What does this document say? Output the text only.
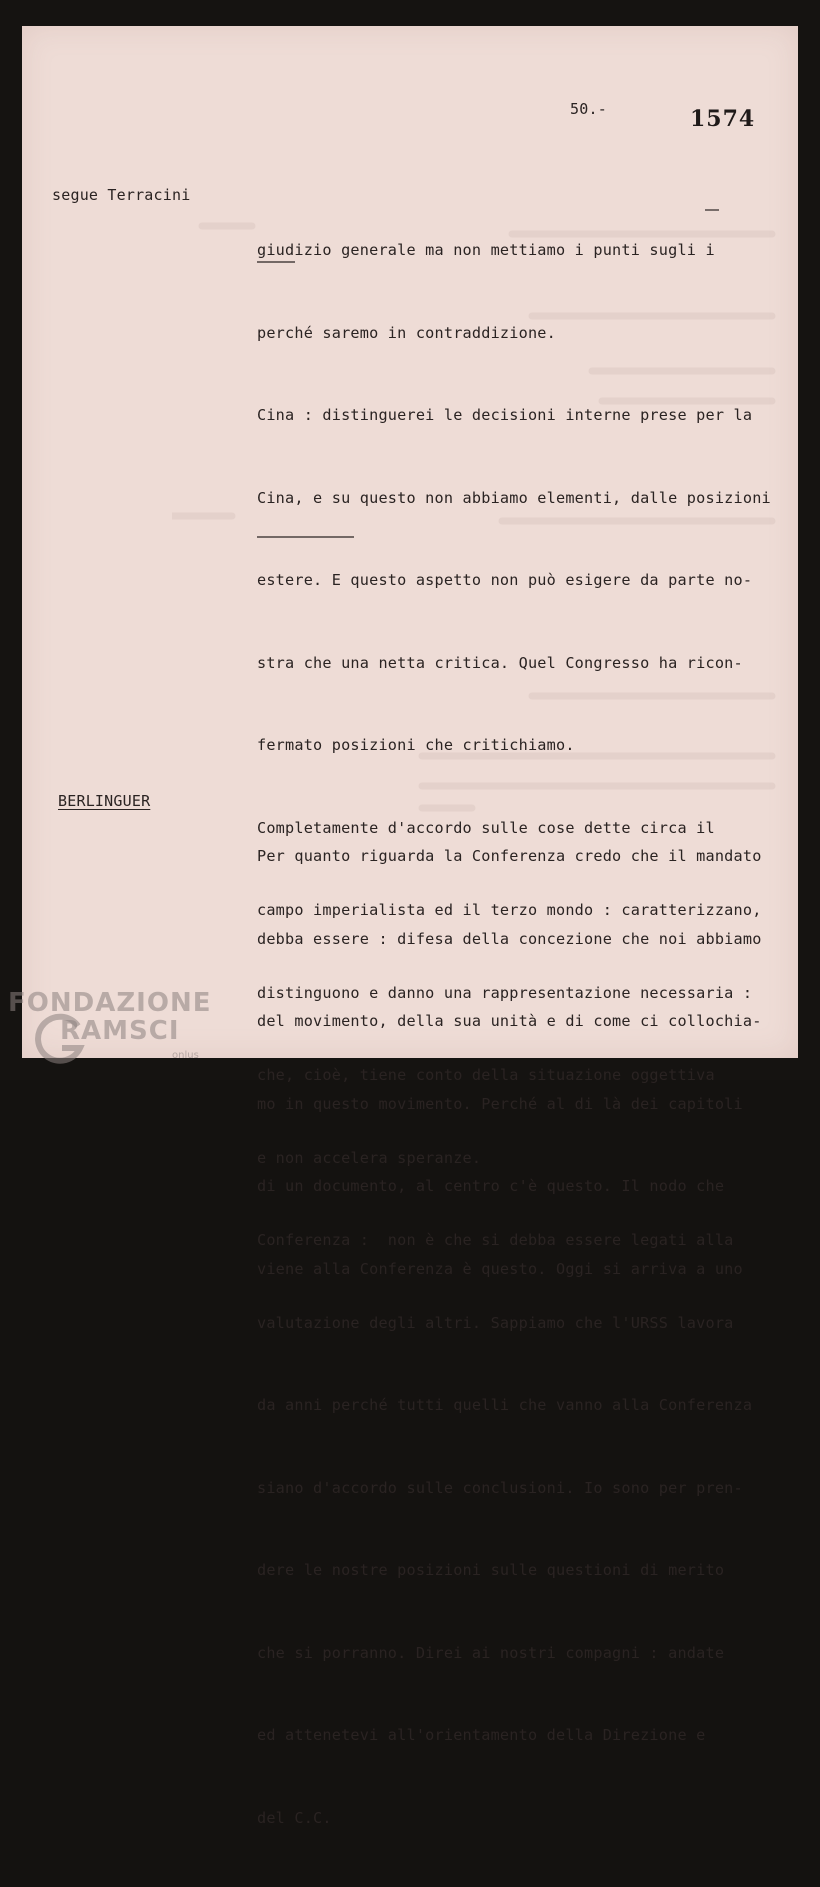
50.-	1574
segue Terracini

giudizio generale ma non mettiamo i punti sugli i

perché saremo in contraddizione.

Cina : distinguerei le decisioni interne prese per la

Cina, e su questo non abbiamo elementi, dalle posizioni

estere. E questo aspetto non può esigere da parte no-

stra che una netta critica. Quel Congresso ha ricon-

fermato posizioni che critichiamo.

Completamente d'accordo sulle cose dette circa il

campo imperialista ed il terzo mondo : caratterizzano,

distinguono e danno una rappresentazione necessaria :

che, cioè, tiene conto della situazione oggettiva

e non accelera speranze.

Conferenza :  non è che si debba essere legati alla

valutazione degli altri. Sappiamo che l'URSS lavora

da anni perché tutti quelli che vanno alla Conferenza

siano d'accordo sulle conclusioni. Io sono per pren-

dere le nostre posizioni sulle questioni di merito

che si porranno. Direi ai nostri compagni : andate

ed attenetevi all'orientamento della Direzione e

del C.C.

BERLINGUER

Per quanto riguarda la Conferenza credo che il mandato

debba essere : difesa della concezione che noi abbiamo

del movimento, della sua unità e di come ci collochia-

mo in questo movimento. Perché al di là dei capitoli

di un documento, al centro c'è questo. Il nodo che

viene alla Conferenza è questo. Oggi si arriva a uno

FONDAZIONE
RAMSCI
onlus
